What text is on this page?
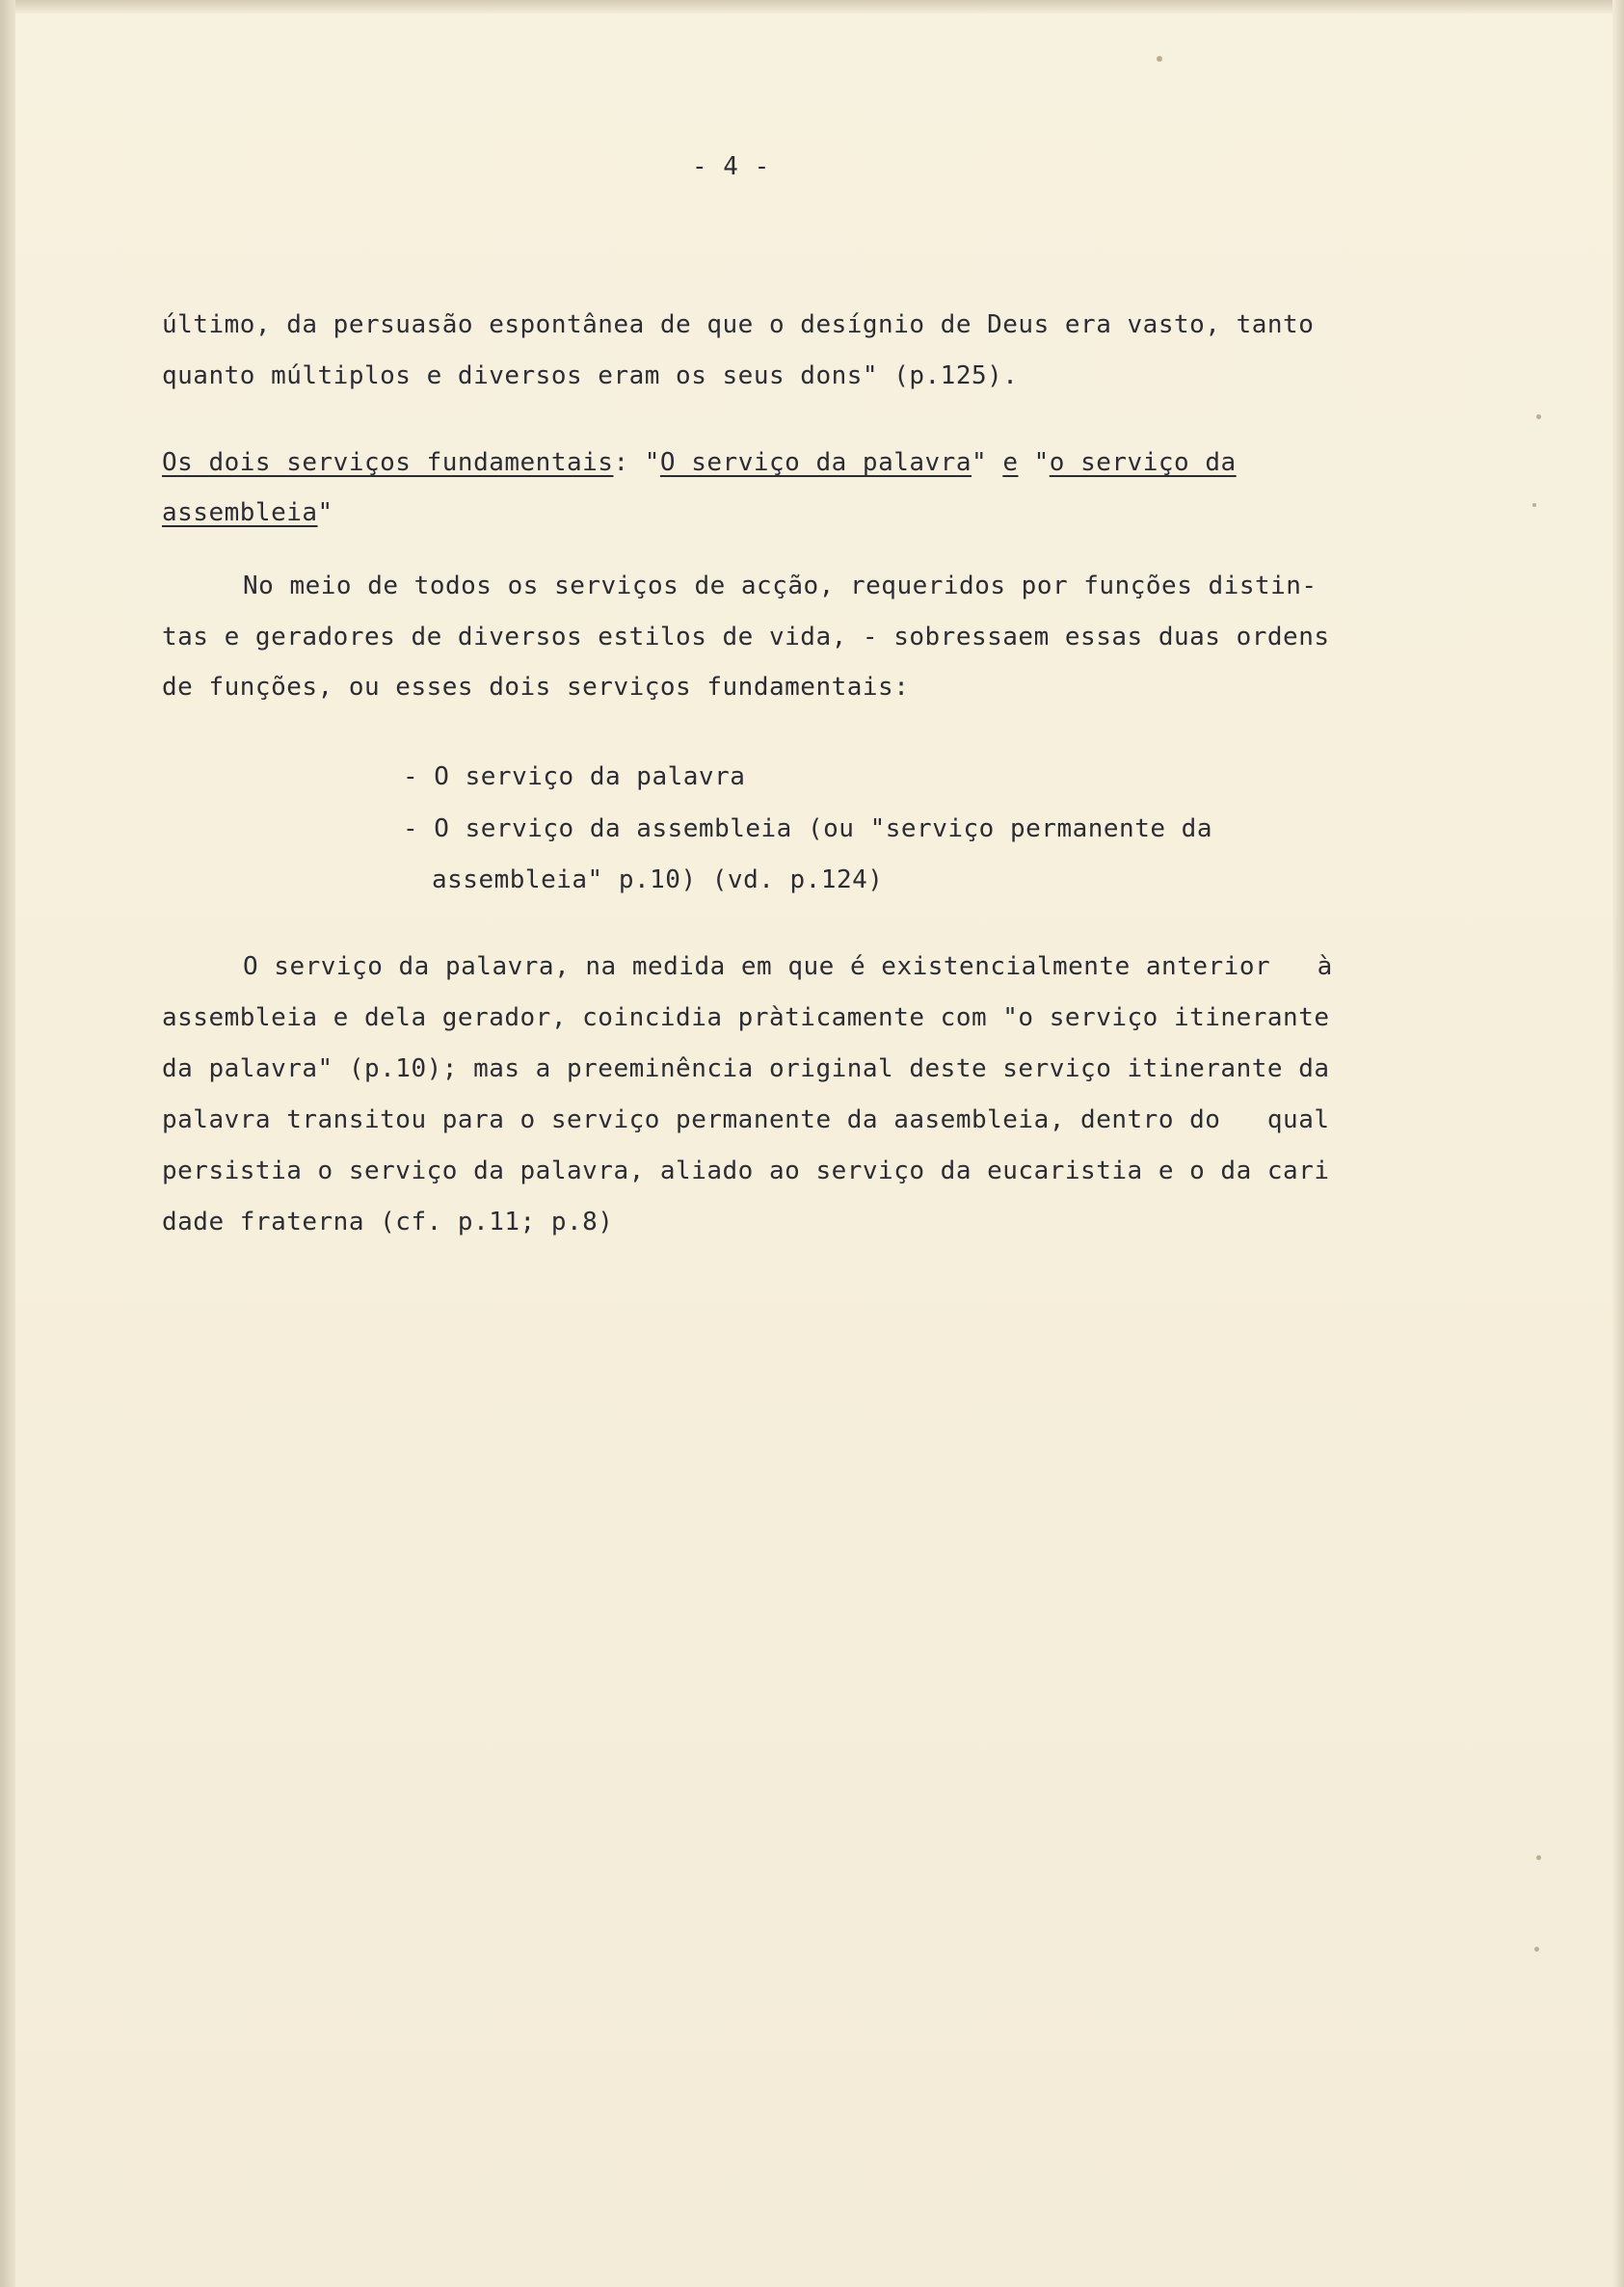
- 4 -
último, da persuasão espontânea de que o desígnio de Deus era vasto, tanto
quanto múltiplos e diversos eram os seus dons" (p.125).
Os dois serviços fundamentais: "O serviço da palavra" e "o serviço da
assembleia"
No meio de todos os serviços de acção, requeridos por funções distin-
tas e geradores de diversos estilos de vida, - sobressaem essas duas ordens
de funções, ou esses dois serviços fundamentais:
- O serviço da palavra
- O serviço da assembleia (ou "serviço permanente da
assembleia" p.10) (vd. p.124)
O serviço da palavra, na medida em que é existencialmente anterior   à
assembleia e dela gerador, coincidia pràticamente com "o serviço itinerante
da palavra" (p.10); mas a preeminência original deste serviço itinerante da
palavra transitou para o serviço permanente da aasembleia, dentro do   qual
persistia o serviço da palavra, aliado ao serviço da eucaristia e o da cari
dade fraterna (cf. p.11; p.8)
